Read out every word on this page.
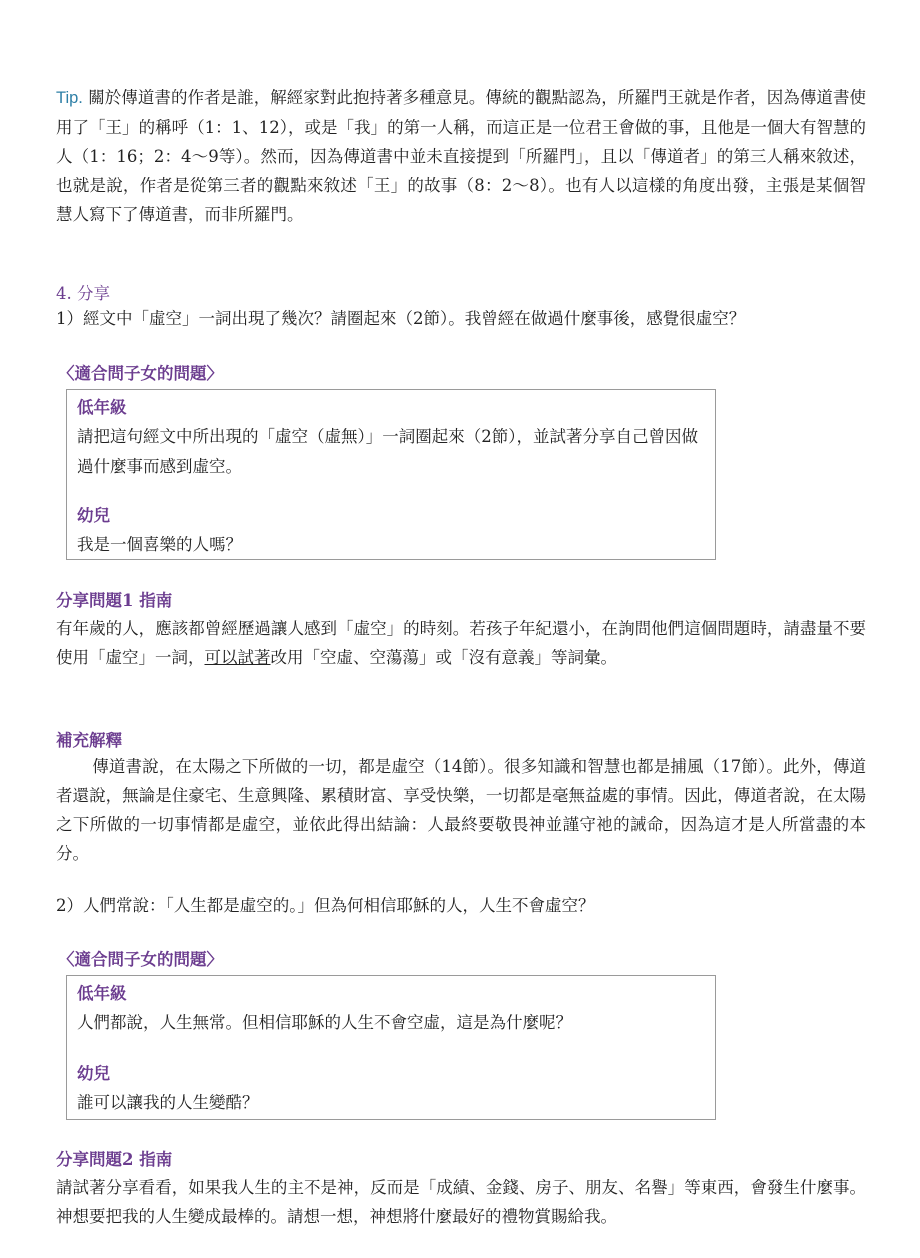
Tip. 關於傳道書的作者是誰，解經家對此抱持著多種意見。傳統的觀點認為，所羅門王就是作者，因為傳道書使用了「王」的稱呼（1：1、12），或是「我」的第一人稱，而這正是一位君王會做的事，且他是一個大有智慧的人（1：16；2：4～9等）。然而，因為傳道書中並未直接提到「所羅門」，且以「傳道者」的第三人稱來敘述，也就是說，作者是從第三者的觀點來敘述「王」的故事（8：2～8）。也有人以這樣的角度出發，主張是某個智慧人寫下了傳道書，而非所羅門。
4. 分享
1）經文中「虛空」一詞出現了幾次？請圈起來（2節）。我曾經在做過什麼事後，感覺很虛空？
〈適合問子女的問題〉
低年級
請把這句經文中所出現的「虛空（虛無）」一詞圈起來（2節），並試著分享自己曾因做過什麼事而感到虛空。
幼兒
我是一個喜樂的人嗎？
分享問題1 指南
有年歲的人，應該都曾經歷過讓人感到「虛空」的時刻。若孩子年紀還小，在詢問他們這個問題時，請盡量不要使用「虛空」一詞，可以試著改用「空虛、空蕩蕩」或「沒有意義」等詞彙。
補充解釋
傳道書說，在太陽之下所做的一切，都是虛空（14節）。很多知識和智慧也都是捕風（17節）。此外，傳道者還說，無論是住豪宅、生意興隆、累積財富、享受快樂，一切都是毫無益處的事情。因此，傳道者說，在太陽之下所做的一切事情都是虛空，並依此得出結論：人最終要敬畏神並謹守祂的誡命，因為這才是人所當盡的本分。
2）人們常說：「人生都是虛空的。」但為何相信耶穌的人，人生不會虛空？
〈適合問子女的問題〉
低年級
人們都說，人生無常。但相信耶穌的人生不會空虛，這是為什麼呢？
幼兒
誰可以讓我的人生變酷？
分享問題2 指南
請試著分享看看，如果我人生的主不是神，反而是「成績、金錢、房子、朋友、名譽」等東西，會發生什麼事。神想要把我的人生變成最棒的。請想一想，神想將什麼最好的禮物賞賜給我。
